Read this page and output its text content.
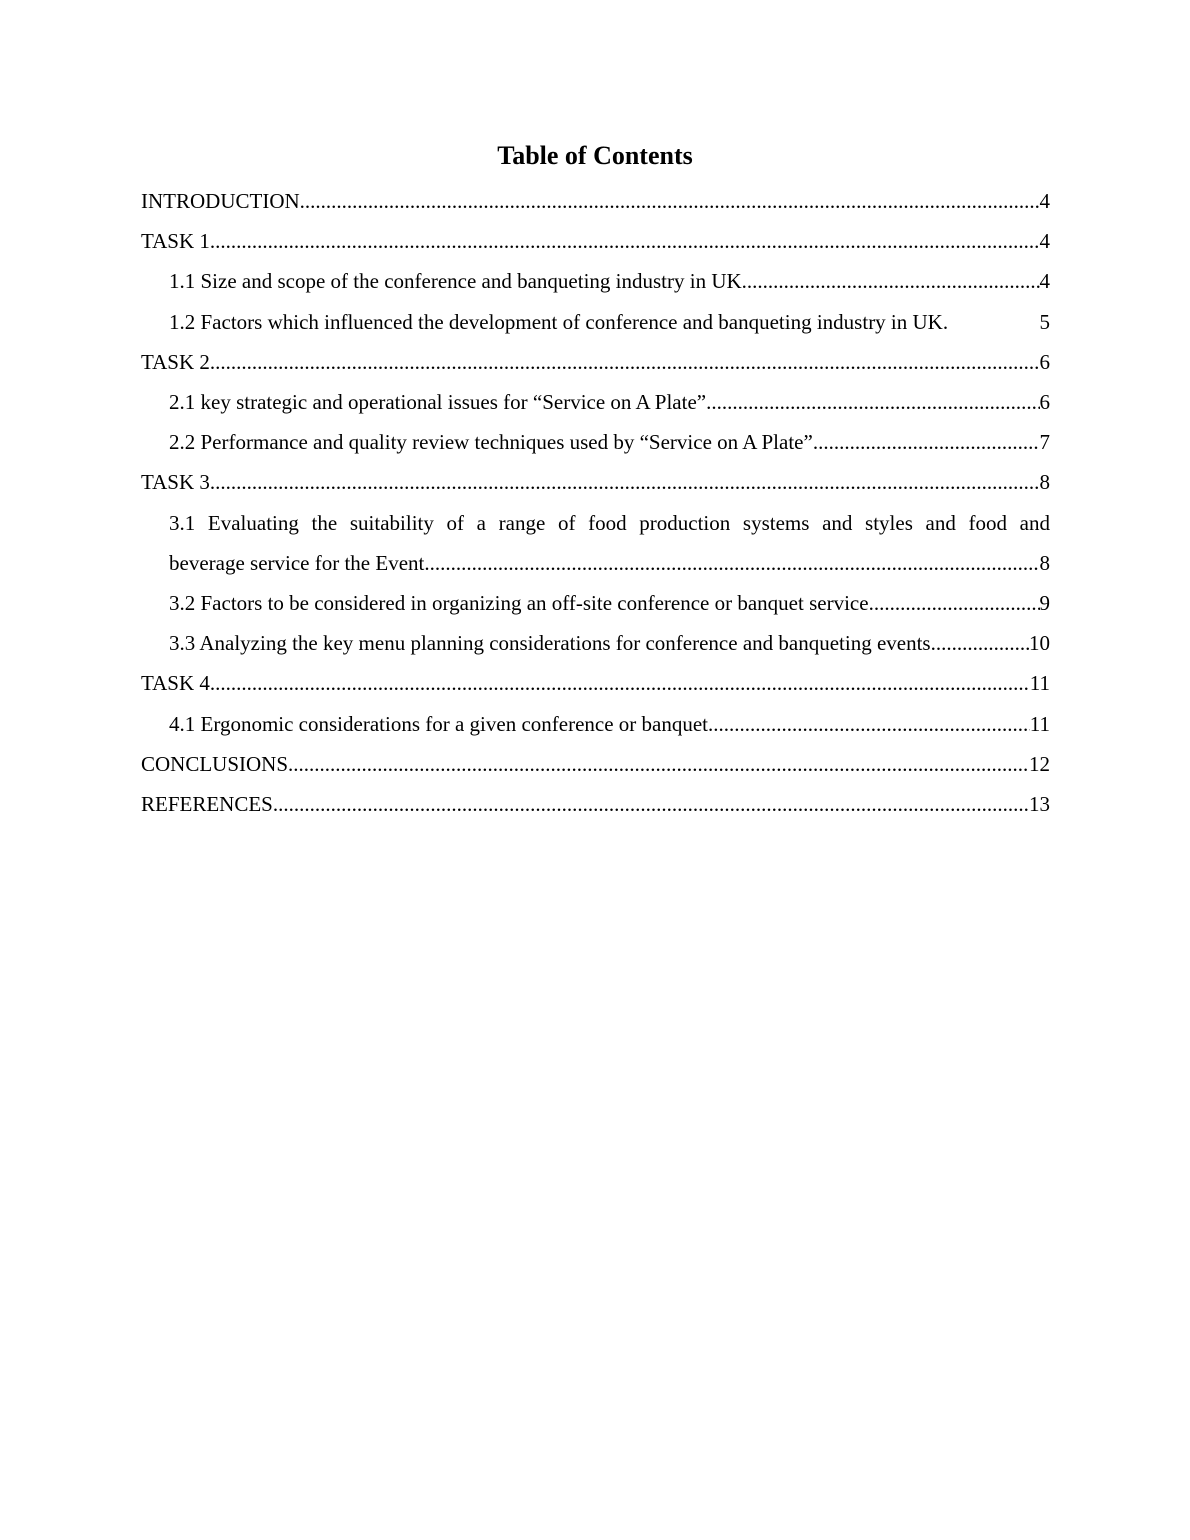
Table of Contents
INTRODUCTION .....	4
TASK 1 .....	4
1.1 Size and scope of the conference and banqueting industry in UK .....	4
1.2 Factors which influenced the development of conference and banqueting industry in UK.	5
TASK 2 .....	6
2.1 key strategic and operational issues for “Service on A Plate” .....	6
2.2 Performance and quality review techniques used by “Service on A Plate” .....	7
TASK 3 .....	8
3.1 Evaluating the suitability of a range of food production systems and styles and food and
beverage service for the Event .....	8
3.2 Factors to be considered in organizing an off-site conference or banquet service .....	9
3.3 Analyzing the key menu planning considerations for conference and banqueting events. .....	10
TASK 4 .....	11
4.1 Ergonomic considerations for a given conference or banquet .....	11
CONCLUSIONS .....	12
REFERENCES .....	13
